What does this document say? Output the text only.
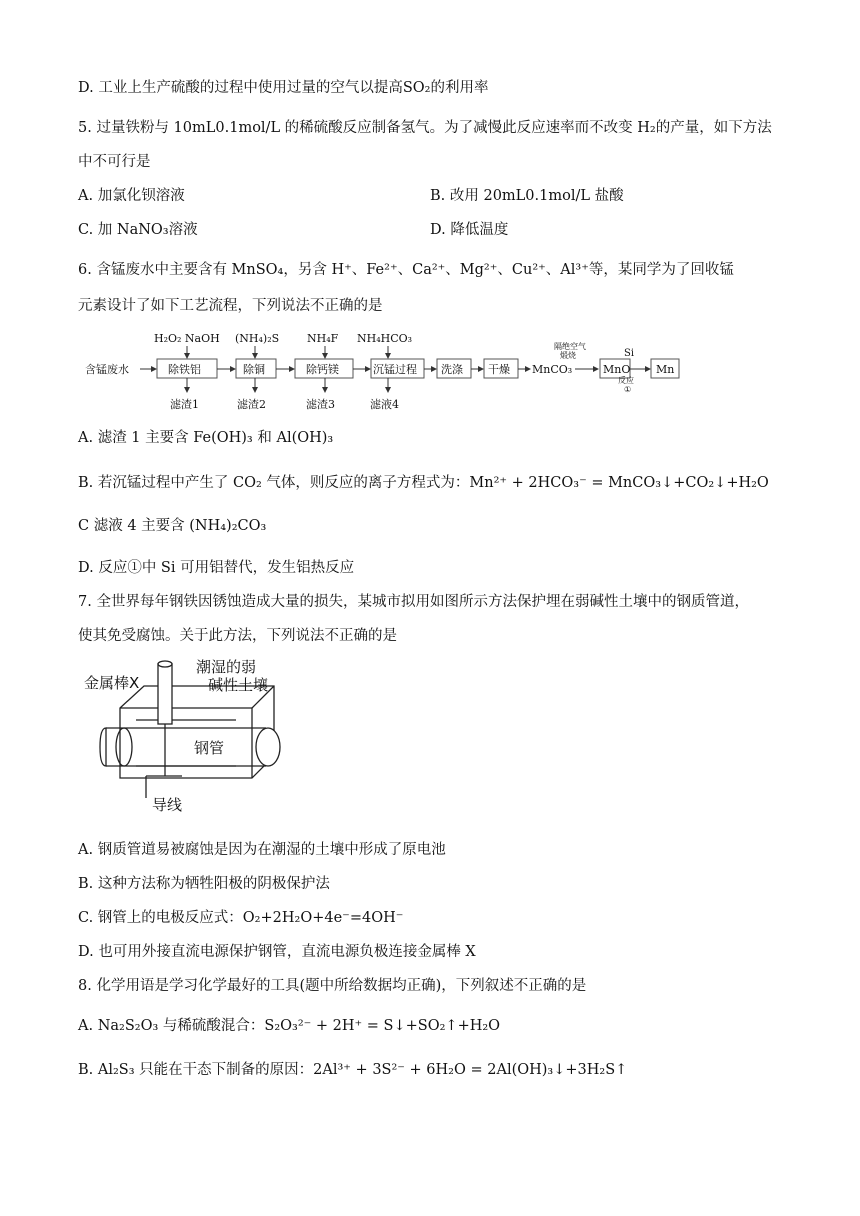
D. 工业上生产硫酸的过程中使用过量的空气以提高SO₂的利用率
5. 过量铁粉与 10mL0.1mol/L 的稀硫酸反应制备氢气。为了减慢此反应速率而不改变 H₂的产量，如下方法
中不可行是
A. 加氯化钡溶液	B. 改用 20mL0.1mol/L 盐酸
C. 加 NaNO₃溶液	D. 降低温度
6. 含锰废水中主要含有 MnSO₄，另含 H⁺、Fe²⁺、Ca²⁺、Mg²⁺、Cu²⁺、Al³⁺等，某同学为了回收锰
元素设计了如下工艺流程，下列说法不正确的是
含锰废水
H₂O₂ NaOH
除铁铝
滤渣1
(NH₄)₂S
除铜
滤渣2
NH₄F
除钙镁
滤渣3
NH₄HCO₃
沉锰过程
滤液4
洗涤 干燥 MnCO₃
隔绝空气
煅烧
MnO
Si
反应
①
Mn
A. 滤渣 1 主要含 Fe(OH)₃ 和 Al(OH)₃
B. 若沉锰过程中产生了 CO₂ 气体，则反应的离子方程式为：Mn²⁺ + 2HCO₃⁻ = MnCO₃↓+CO₂↓+H₂O
C 滤液 4 主要含 (NH₄)₂CO₃
D. 反应①中 Si 可用铝替代，发生铝热反应
7. 全世界每年钢铁因锈蚀造成大量的损失，某城市拟用如图所示方法保护埋在弱碱性土壤中的钢质管道，
使其免受腐蚀。关于此方法，下列说法不正确的是
金属棒X
潮湿的弱
碱性土壤
钢管
导线
A. 钢质管道易被腐蚀是因为在潮湿的土壤中形成了原电池
B. 这种方法称为牺牲阳极的阴极保护法
C. 钢管上的电极反应式：O₂+2H₂O+4e⁻=4OH⁻
D. 也可用外接直流电源保护钢管，直流电源负极连接金属棒 X
8. 化学用语是学习化学最好的工具(题中所给数据均正确)，下列叙述不正确的是
A. Na₂S₂O₃ 与稀硫酸混合：S₂O₃²⁻ + 2H⁺ = S↓+SO₂↑+H₂O
B. Al₂S₃ 只能在干态下制备的原因：2Al³⁺ + 3S²⁻ + 6H₂O = 2Al(OH)₃↓+3H₂S↑
